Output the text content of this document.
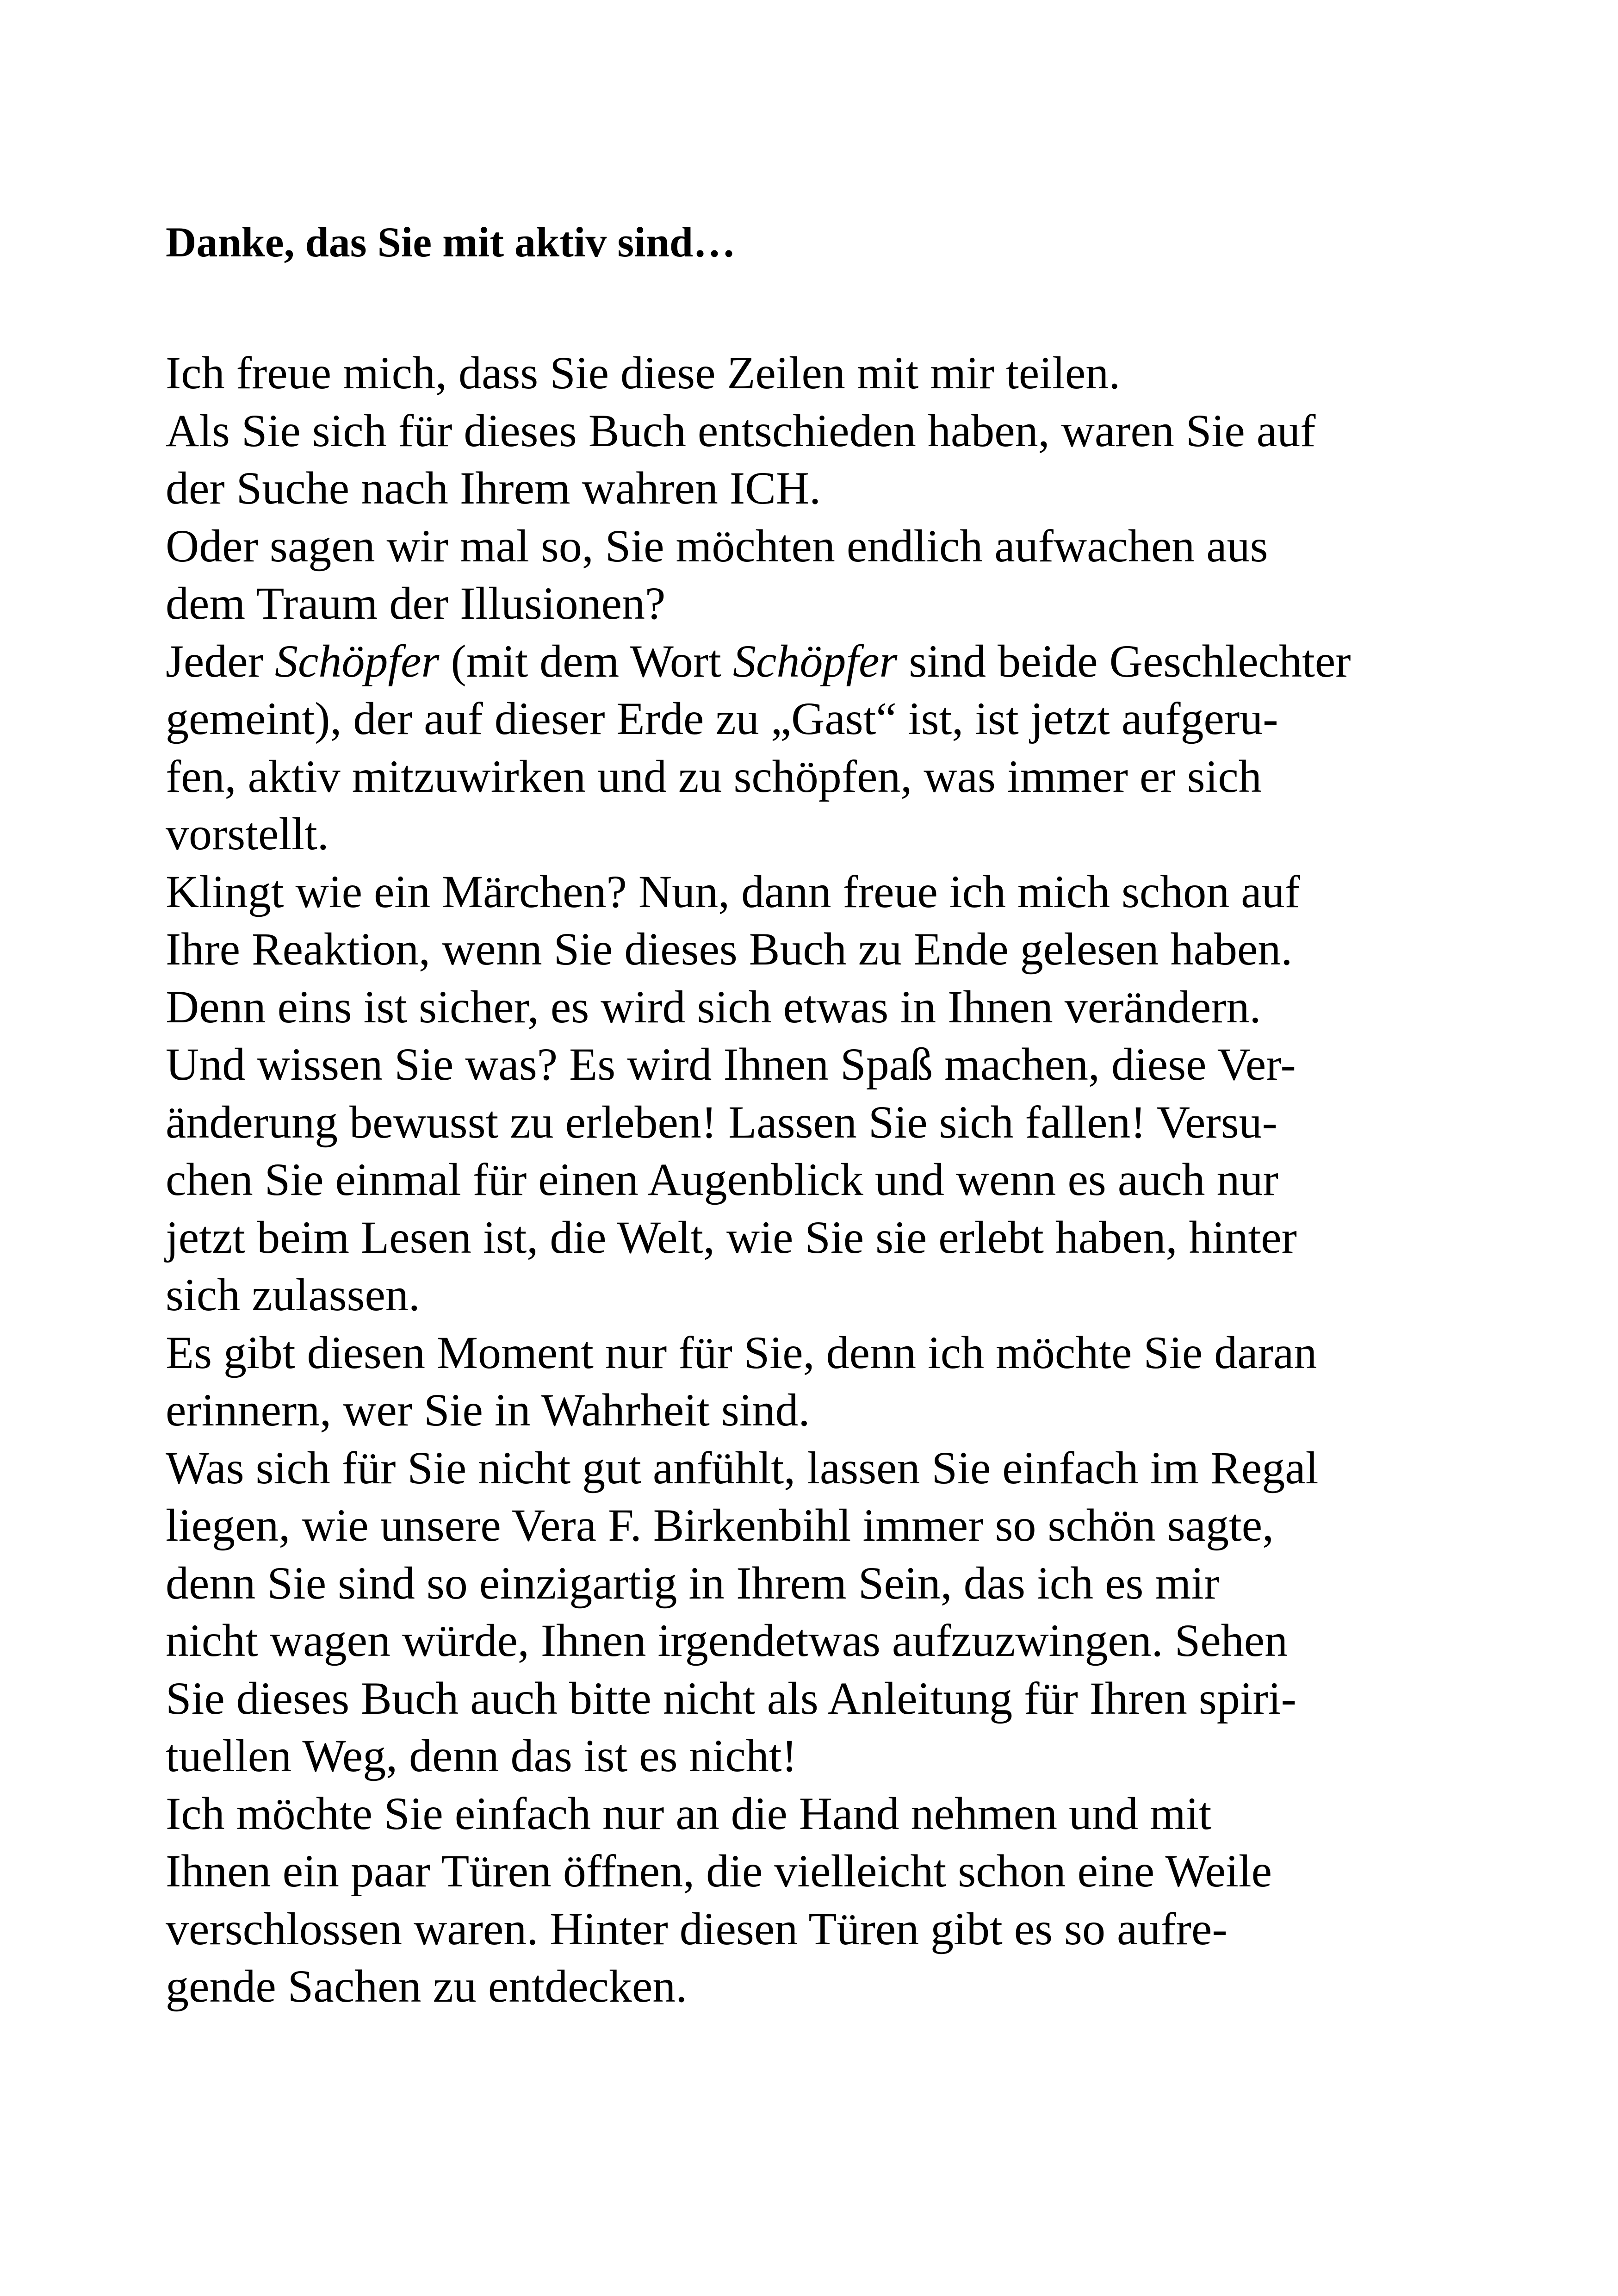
Danke, das Sie mit aktiv sind…

Ich freue mich, dass Sie diese Zeilen mit mir teilen.

Als Sie sich für dieses Buch entschieden haben, waren Sie auf

der Suche nach Ihrem wahren ICH.

Oder sagen wir mal so, Sie möchten endlich aufwachen aus

dem Traum der Illusionen?

Jeder Schöpfer (mit dem Wort Schöpfer sind beide Geschlechter

gemeint), der auf dieser Erde zu „Gast“ ist, ist jetzt aufgeru-

fen, aktiv mitzuwirken und zu schöpfen, was immer er sich

vorstellt.

Klingt wie ein Märchen? Nun, dann freue ich mich schon auf

Ihre Reaktion, wenn Sie dieses Buch zu Ende gelesen haben.

Denn eins ist sicher, es wird sich etwas in Ihnen verändern.

Und wissen Sie was? Es wird Ihnen Spaß machen, diese Ver-

änderung bewusst zu erleben! Lassen Sie sich fallen! Versu-

chen Sie einmal für einen Augenblick und wenn es auch nur

jetzt beim Lesen ist, die Welt, wie Sie sie erlebt haben, hinter

sich zulassen.

Es gibt diesen Moment nur für Sie, denn ich möchte Sie daran

erinnern, wer Sie in Wahrheit sind.

Was sich für Sie nicht gut anfühlt, lassen Sie einfach im Regal

liegen, wie unsere Vera F. Birkenbihl immer so schön sagte,

denn Sie sind so einzigartig in Ihrem Sein, das ich es mir

nicht wagen würde, Ihnen irgendetwas aufzuzwingen. Sehen

Sie dieses Buch auch bitte nicht als Anleitung für Ihren spiri-

tuellen Weg, denn das ist es nicht!

Ich möchte Sie einfach nur an die Hand nehmen und mit

Ihnen ein paar Türen öffnen, die vielleicht schon eine Weile

verschlossen waren. Hinter diesen Türen gibt es so aufre-

gende Sachen zu entdecken.
